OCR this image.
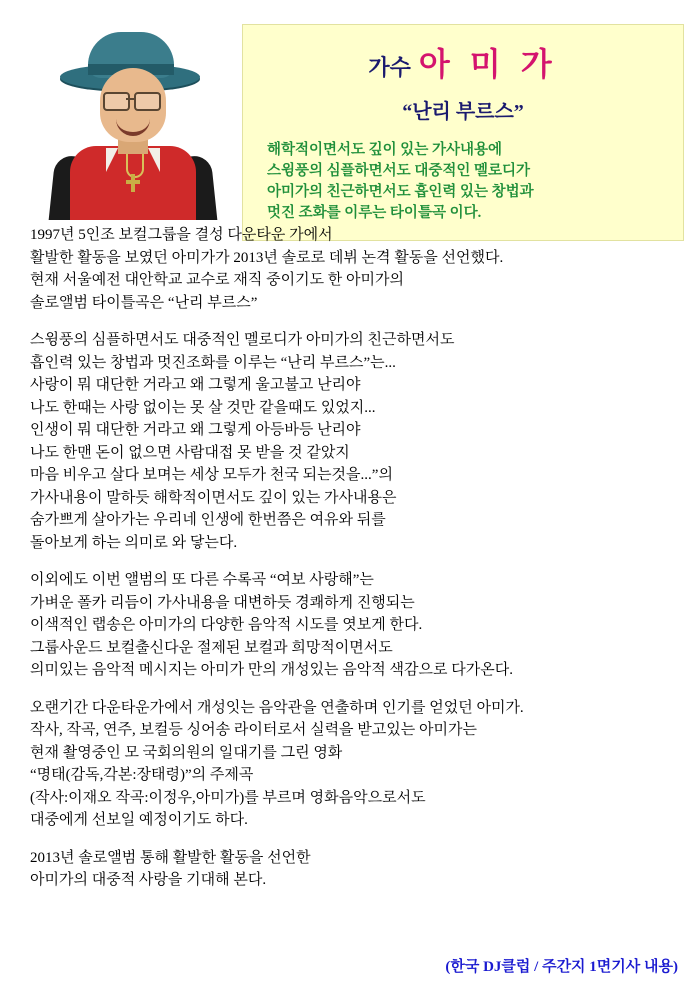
가수 아 미 가
“난리 부르스”
해학적이면서도 깊이 있는 가사내용에
스윙풍의 심플하면서도 대중적인 멜로디가
아미가의 친근하면서도 흡인력 있는 창법과
멋진 조화를 이루는 타이틀곡 이다.
1997년 5인조 보컬그룹을 결성 다운타운 가에서
활발한 활동을 보였던 아미가가 2013년 솔로로 데뷔 논격 활동을 선언했다.
현재 서울예전 대안학교 교수로 재직 중이기도 한 아미가의
솔로앨범 타이틀곡은 “난리 부르스”
스윙풍의 심플하면서도 대중적인 멜로디가 아미가의 친근하면서도
흡인력 있는 창법과 멋진조화를 이루는 “난리 부르스”는...
사랑이 뭐 대단한 거라고 왜 그렇게 울고불고 난리야
나도 한때는 사랑 없이는 못 살 것만 같을때도 있었지...
인생이 뭐 대단한 거라고 왜 그렇게 아등바등 난리야
나도 한맨 돈이 없으면 사람대접 못 받을 것 같았지
마음 비우고 살다 보며는 세상 모두가 천국 되는것을...”의
가사내용이 말하듯 해학적이면서도 깊이 있는 가사내용은
숨가쁘게 살아가는 우리네 인생에 한번쯤은 여유와 뒤를
돌아보게 하는 의미로 와 닿는다.
이외에도 이번 앨범의 또 다른 수록곡 “여보 사랑해”는
가벼운 폴카 리듬이 가사내용을 대변하듯 경쾌하게 진행되는
이색적인 랩송은 아미가의 다양한 음악적 시도를 엿보게 한다.
그룹사운드 보컬출신다운 절제된 보컬과 희망적이면서도
의미있는 음악적 메시지는 아미가 만의 개성있는 음악적 색감으로 다가온다.
오랜기간 다운타운가에서 개성잇는 음악관을 연출하며 인기를 얻었던 아미가.
작사, 작곡, 연주, 보컬등 싱어송 라이터로서 실력을 받고있는 아미가는
현재 촬영중인 모 국회의원의 일대기를 그린 영화
“명태(감독,각본:장태령)”의 주제곡
(작사:이재오 작곡:이정우,아미가)를 부르며 영화음악으로서도
대중에게 선보일 예정이기도 하다.
2013년 솔로앨범 통해 활발한 활동을 선언한
아미가의 대중적 사랑을 기대해 본다.
(한국 DJ클럽 / 주간지 1면기사 내용)
